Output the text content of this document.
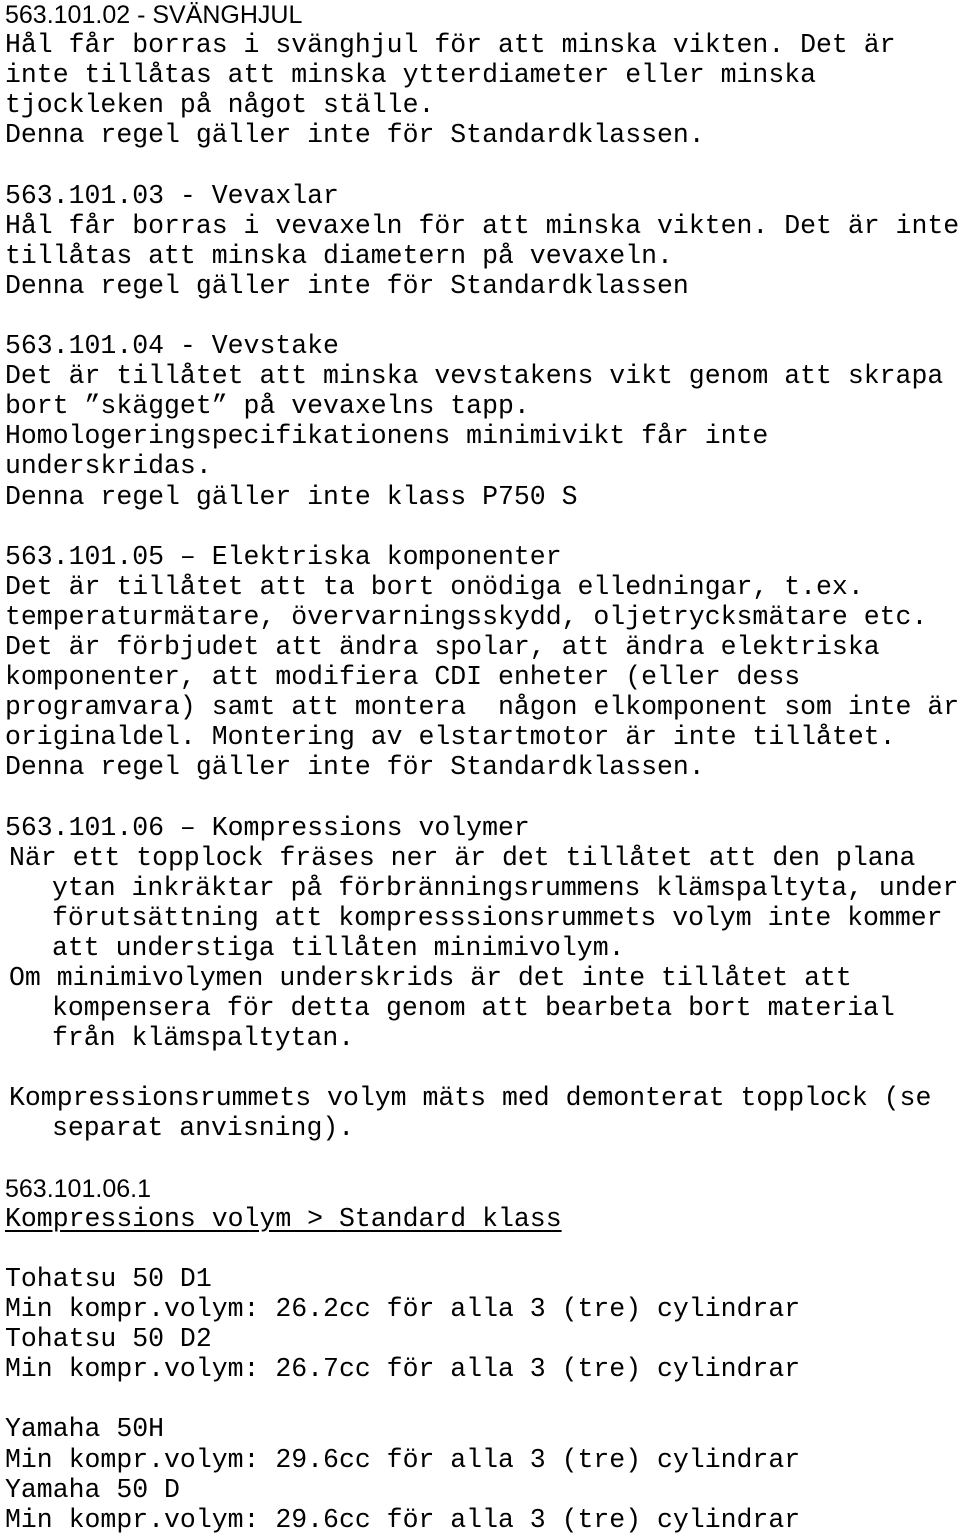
563.101.02 - SVÄNGHJUL

Hål får borras i svänghjul för att minska vikten. Det är

inte tillåtas att minska ytterdiameter eller minska

tjockleken på något ställe.

Denna regel gäller inte för Standardklassen.

563.101.03 - Vevaxlar

Hål får borras i vevaxeln för att minska vikten. Det är inte

tillåtas att minska diametern på vevaxeln.

Denna regel gäller inte för Standardklassen

563.101.04 - Vevstake

Det är tillåtet att minska vevstakens vikt genom att skrapa

bort ”skägget” på vevaxelns tapp.

Homologeringspecifikationens minimivikt får inte

underskridas.

Denna regel gäller inte klass P750 S

563.101.05 – Elektriska komponenter

Det är tillåtet att ta bort onödiga elledningar, t.ex.

temperaturmätare, övervarningsskydd, oljetrycksmätare etc.

Det är förbjudet att ändra spolar, att ändra elektriska

komponenter, att modifiera CDI enheter (eller dess

programvara) samt att montera  någon elkomponent som inte är

originaldel. Montering av elstartmotor är inte tillåtet.

Denna regel gäller inte för Standardklassen.

563.101.06 – Kompressions volymer

När ett topplock fräses ner är det tillåtet att den plana

ytan inkräktar på förbränningsrummens klämspaltyta, under

förutsättning att kompresssionsrummets volym inte kommer

att understiga tillåten minimivolym.

Om minimivolymen underskrids är det inte tillåtet att

kompensera för detta genom att bearbeta bort material

från klämspaltytan.

Kompressionsrummets volym mäts med demonterat topplock (se

separat anvisning).

563.101.06.1

Kompressions volym > Standard klass

Tohatsu 50 D1

Min kompr.volym: 26.2cc för alla 3 (tre) cylindrar

Tohatsu 50 D2

Min kompr.volym: 26.7cc för alla 3 (tre) cylindrar

Yamaha 50H

Min kompr.volym: 29.6cc för alla 3 (tre) cylindrar

Yamaha 50 D

Min kompr.volym: 29.6cc för alla 3 (tre) cylindrar
